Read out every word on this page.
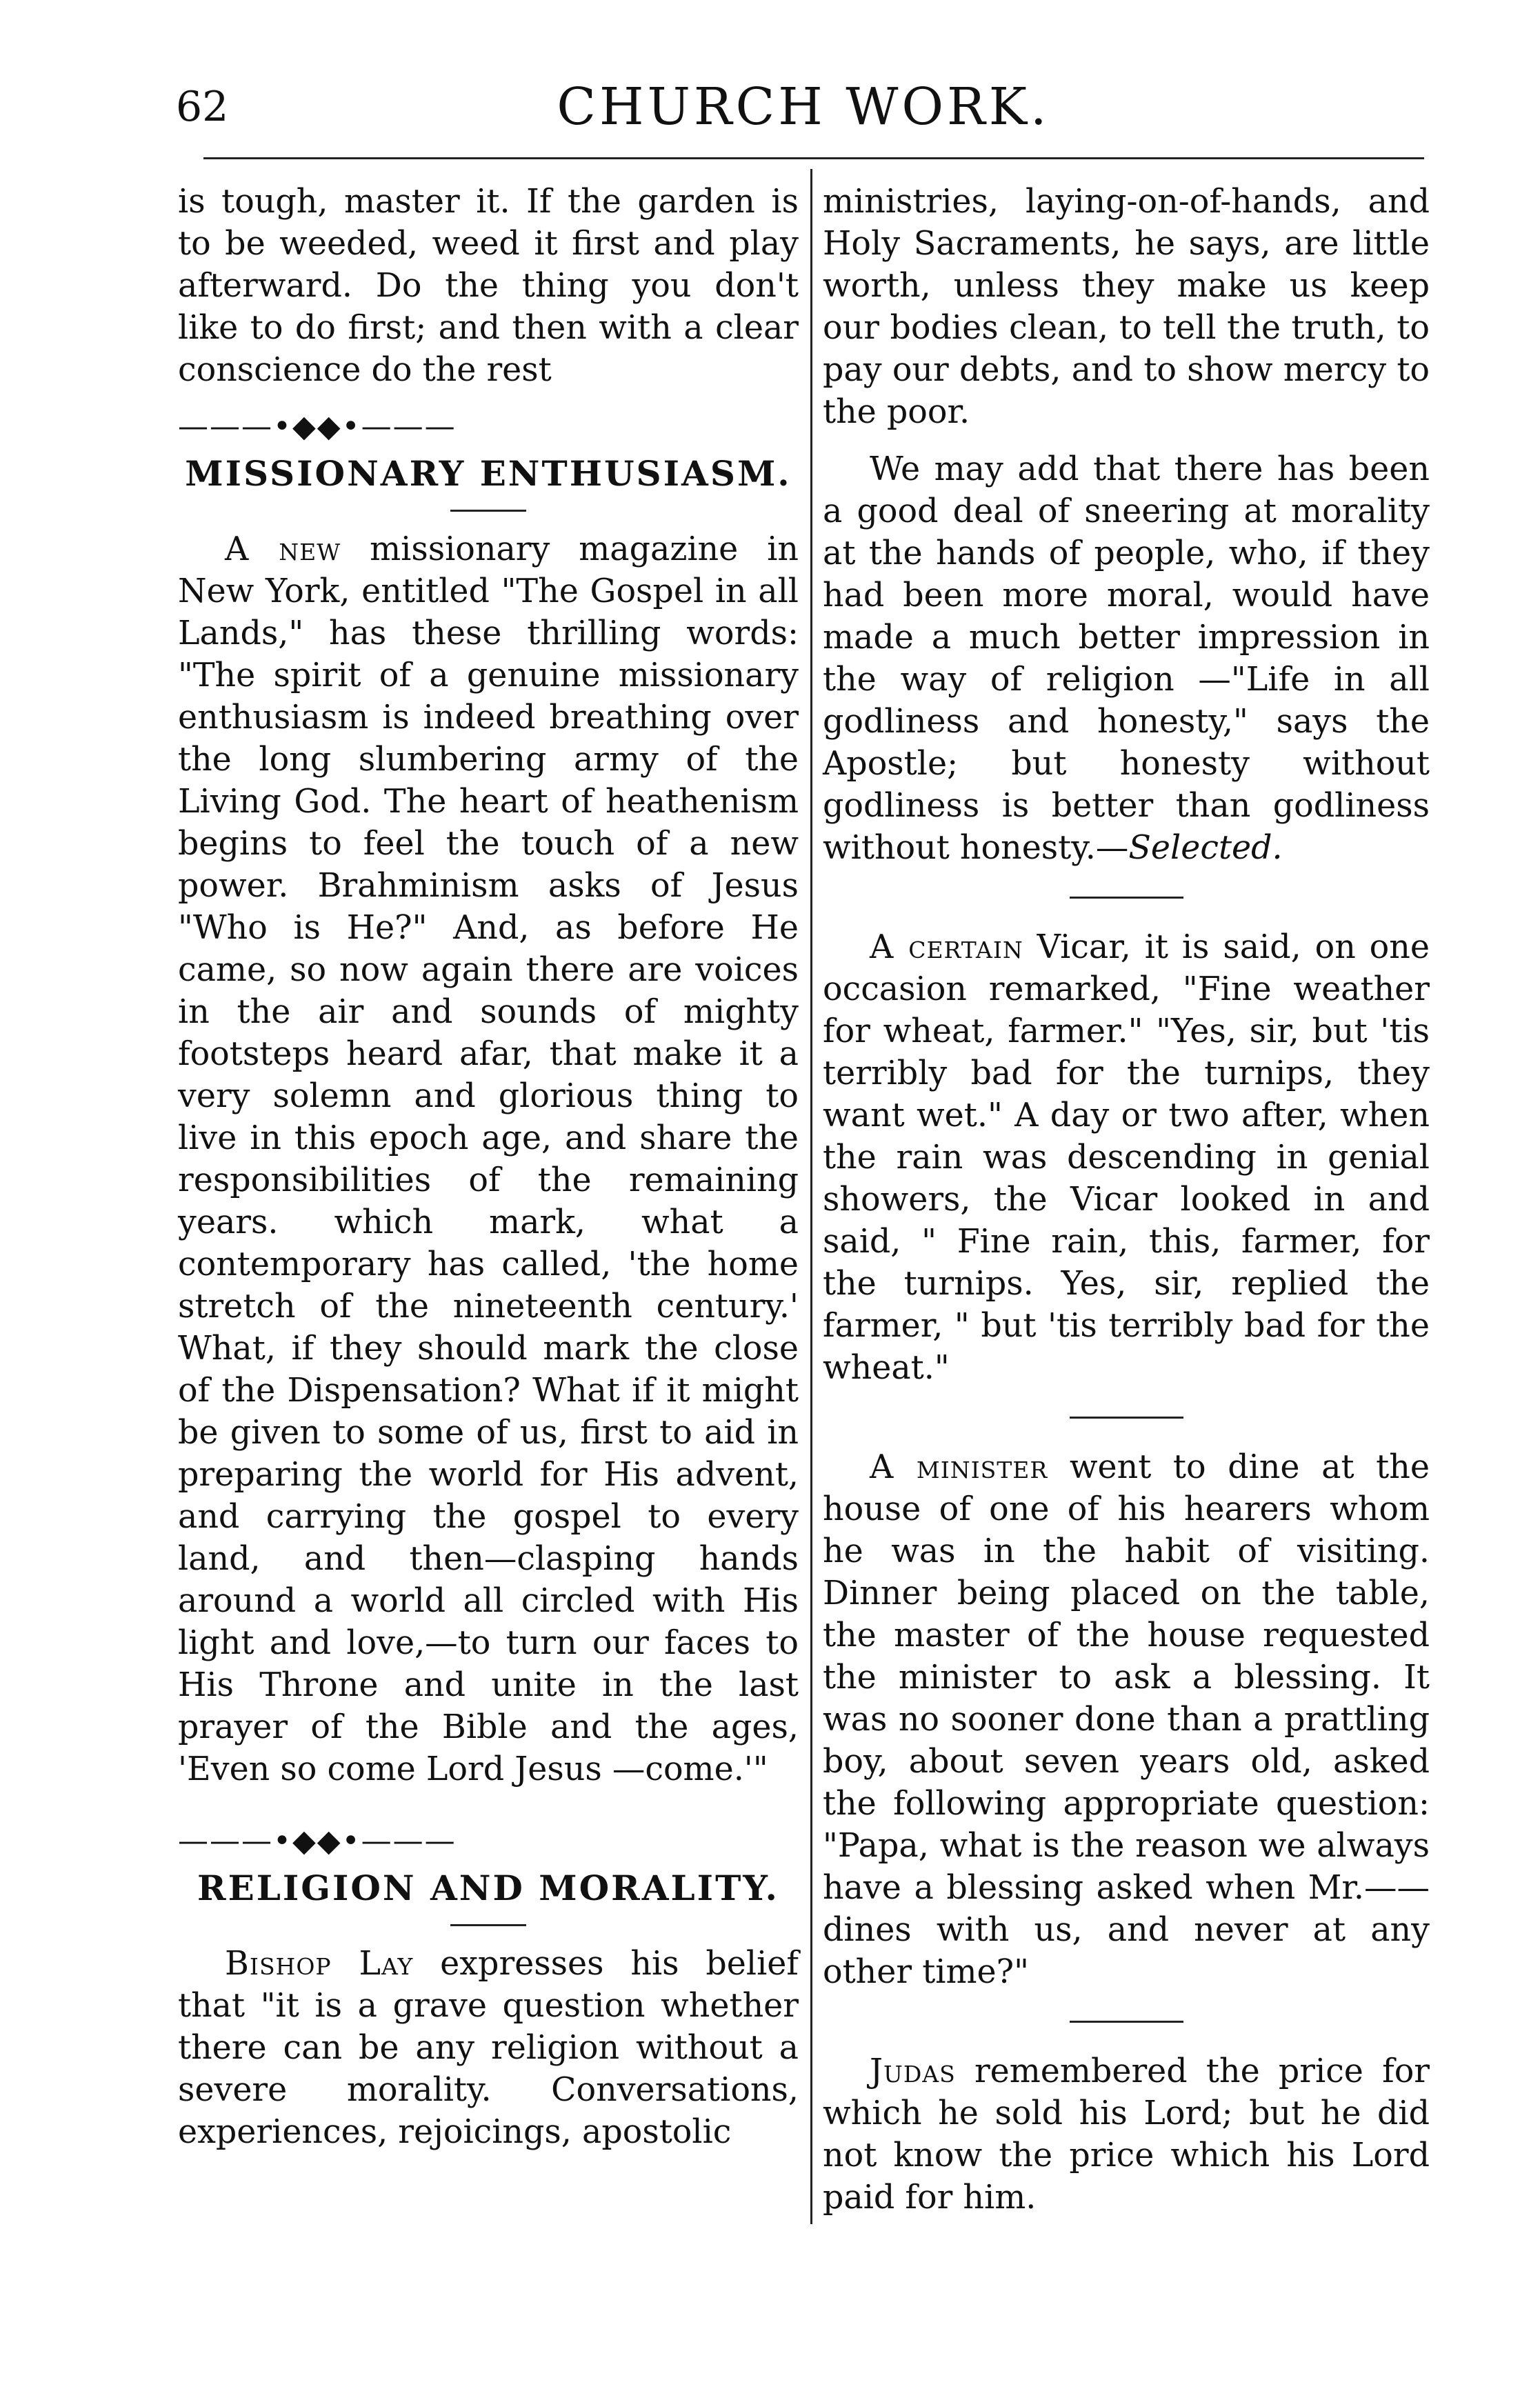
62	CHURCH WORK.

is tough, master it. If the garden is to be weeded, weed it first and play afterward. Do the thing you don't like to do first; and then with a clear conscience do the rest

———•◆◆•———

MISSIONARY ENTHUSIASM.

A new missionary magazine in New York, entitled "The Gospel in all Lands," has these thrilling words: "The spirit of a genuine missionary enthusiasm is indeed breathing over the long slumbering army of the Living God. The heart of heathenism begins to feel the touch of a new power. Brahminism asks of Jesus "Who is He?" And, as before He came, so now again there are voices in the air and sounds of mighty footsteps heard afar, that make it a very solemn and glorious thing to live in this epoch age, and share the responsibilities of the remaining years. which mark, what a contemporary has called, 'the home stretch of the nineteenth century.' What, if they should mark the close of the Dispensation? What if it might be given to some of us, first to aid in preparing the world for His advent, and carrying the gospel to every land, and then—clasping hands around a world all circled with His light and love,—to turn our faces to His Throne and unite in the last prayer of the Bible and the ages, 'Even so come Lord Jesus —come.'"

———•◆◆•———

RELIGION AND MORALITY.

Bishop Lay expresses his belief that "it is a grave question whether there can be any religion without a severe morality. Conversations, experiences, rejoicings, apostolic

ministries, laying-on-of-hands, and Holy Sacraments, he says, are little worth, unless they make us keep our bodies clean, to tell the truth, to pay our debts, and to show mercy to the poor.

We may add that there has been a good deal of sneering at morality at the hands of people, who, if they had been more moral, would have made a much better impression in the way of religion —"Life in all godliness and honesty," says the Apostle; but honesty without godliness is better than godliness without honesty.—Selected.

A certain Vicar, it is said, on one occasion remarked, "Fine weather for wheat, farmer." "Yes, sir, but 'tis terribly bad for the turnips, they want wet." A day or two after, when the rain was descending in genial showers, the Vicar looked in and said, " Fine rain, this, farmer, for the turnips. Yes, sir, replied the farmer, " but 'tis terribly bad for the wheat."

A minister went to dine at the house of one of his hearers whom he was in the habit of visiting. Dinner being placed on the table, the master of the house requested the minister to ask a blessing. It was no sooner done than a prattling boy, about seven years old, asked the following appropriate question: "Papa, what is the reason we always have a blessing asked when Mr.——dines with us, and never at any other time?"

Judas remembered the price for which he sold his Lord; but he did not know the price which his Lord paid for him.
